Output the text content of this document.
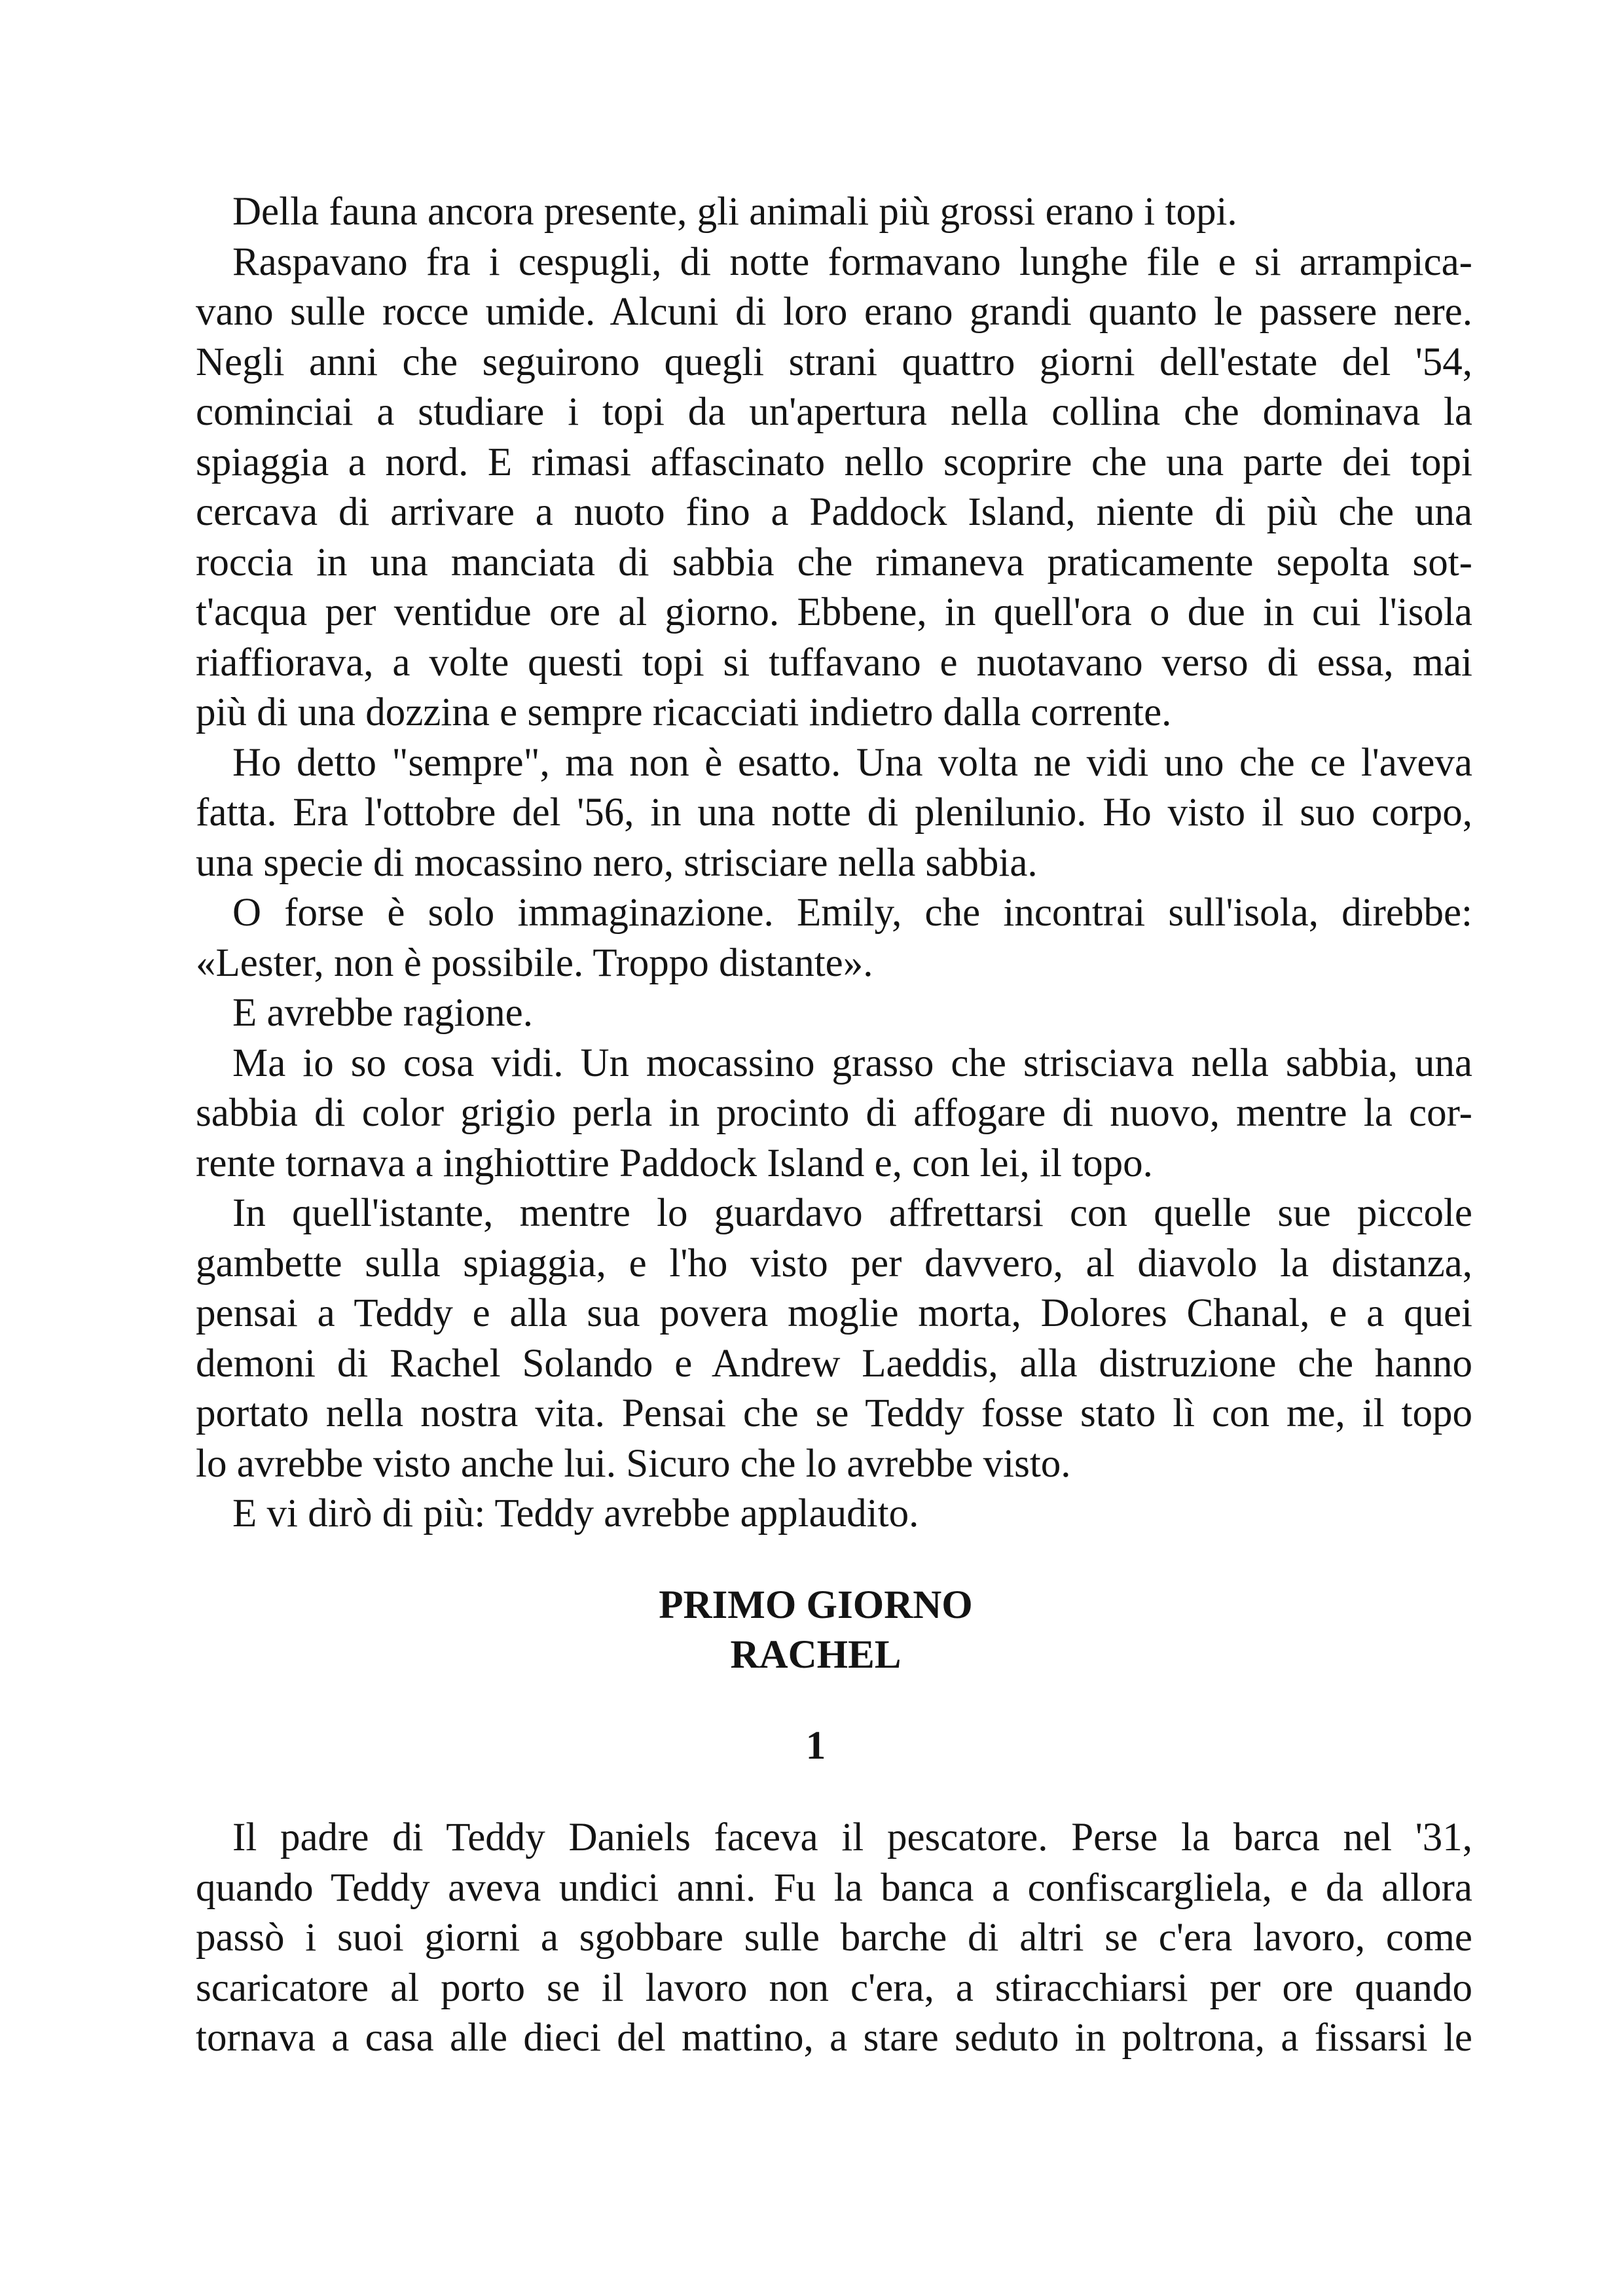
Della fauna ancora presente, gli animali più grossi erano i topi.
Raspavano fra i cespugli, di notte formavano lunghe file e si arrampica-
vano sulle rocce umide. Alcuni di loro erano grandi quanto le passere nere.
Negli anni che seguirono quegli strani quattro giorni dell'estate del '54,
cominciai a studiare i topi da un'apertura nella collina che dominava la
spiaggia a nord. E rimasi affascinato nello scoprire che una parte dei topi
cercava di arrivare a nuoto fino a Paddock Island, niente di più che una
roccia in una manciata di sabbia che rimaneva praticamente sepolta sot-
t'acqua per ventidue ore al giorno. Ebbene, in quell'ora o due in cui l'isola
riaffiorava, a volte questi topi si tuffavano e nuotavano verso di essa, mai
più di una dozzina e sempre ricacciati indietro dalla corrente.
Ho detto "sempre", ma non è esatto. Una volta ne vidi uno che ce l'aveva
fatta. Era l'ottobre del '56, in una notte di plenilunio. Ho visto il suo corpo,
una specie di mocassino nero, strisciare nella sabbia.
O forse è solo immaginazione. Emily, che incontrai sull'isola, direbbe:
«Lester, non è possibile. Troppo distante».
E avrebbe ragione.
Ma io so cosa vidi. Un mocassino grasso che strisciava nella sabbia, una
sabbia di color grigio perla in procinto di affogare di nuovo, mentre la cor-
rente tornava a inghiottire Paddock Island e, con lei, il topo.
In quell'istante, mentre lo guardavo affrettarsi con quelle sue piccole
gambette sulla spiaggia, e l'ho visto per davvero, al diavolo la distanza,
pensai a Teddy e alla sua povera moglie morta, Dolores Chanal, e a quei
demoni di Rachel Solando e Andrew Laeddis, alla distruzione che hanno
portato nella nostra vita. Pensai che se Teddy fosse stato lì con me, il topo
lo avrebbe visto anche lui. Sicuro che lo avrebbe visto.
E vi dirò di più: Teddy avrebbe applaudito.
PRIMO GIORNO
RACHEL
1
Il padre di Teddy Daniels faceva il pescatore. Perse la barca nel '31,
quando Teddy aveva undici anni. Fu la banca a confiscargliela, e da allora
passò i suoi giorni a sgobbare sulle barche di altri se c'era lavoro, come
scaricatore al porto se il lavoro non c'era, a stiracchiarsi per ore quando
tornava a casa alle dieci del mattino, a stare seduto in poltrona, a fissarsi le
